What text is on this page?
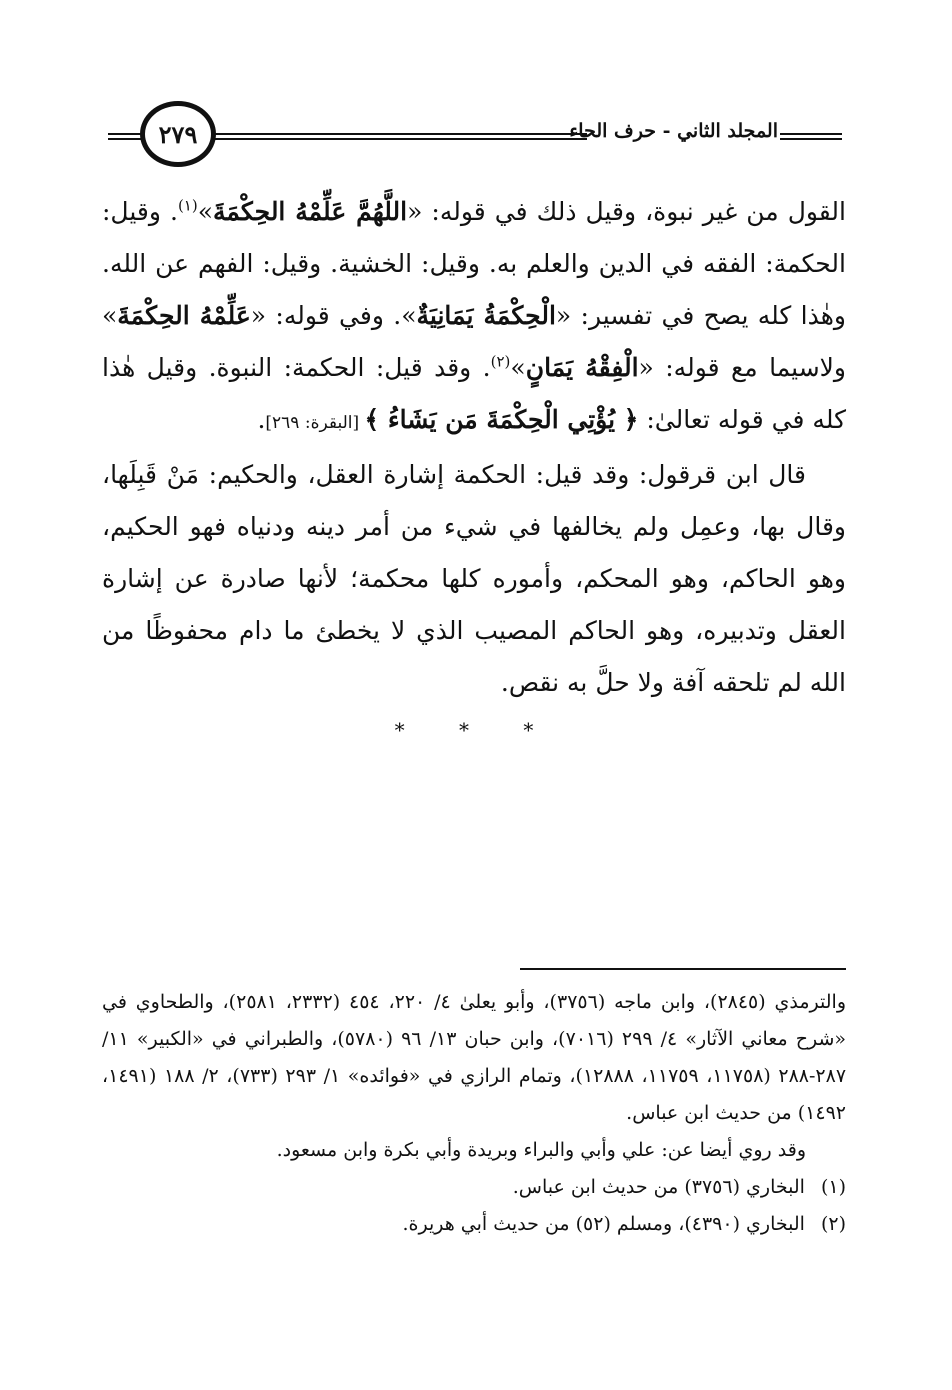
٢٧٩	المجلد الثاني - حرف الحاء

القول من غير نبوة، وقيل ذلك في قوله: «اللَّهُمَّ عَلِّمْهُ الحِكْمَةَ»$^{(١)}$. وقيل: الحكمة: الفقه في الدين والعلم به. وقيل: الخشية. وقيل: الفهم عن الله. وهٰذا كله يصح في تفسير: «الْحِكْمَةُ يَمَانِيَةٌ». وفي قوله: «عَلِّمْهُ الحِكْمَةَ» ولاسيما مع قوله: «الْفِقْهُ يَمَانٍ»$^{(٢)}$. وقد قيل: الحكمة: النبوة. وقيل هٰذا كله في قوله تعالىٰ: ﴿ يُؤْتِي الْحِكْمَةَ مَن يَشَاءُ ﴾ [البقرة: ٢٦٩].

قال ابن قرقول: وقد قيل: الحكمة إشارة العقل، والحكيم: مَنْ قَبِلَها، وقال بها، وعمِل ولم يخالفها في شيء من أمر دينه ودنياه فهو الحكيم، وهو الحاكم، وهو المحكم، وأموره كلها محكمة؛ لأنها صادرة عن إشارة العقل وتدبيره، وهو الحاكم المصيب الذي لا يخطئ ما دام محفوظًا من الله لم تلحقه آفة ولا حلَّ به نقص.

* * *

والترمذي (٢٨٤٥)، وابن ماجه (٣٧٥٦)، وأبو يعلىٰ ٤/ ٢٢٠، ٤٥٤ (٢٣٣٢، ٢٥٨١)، والطحاوي في «شرح معاني الآثار» ٤/ ٢٩٩ (٧٠١٦)، وابن حبان ١٣/ ٩٦ (٥٧٨٠)، والطبراني في «الكبير» ١١/ ٢٨٧-٢٨٨ (١١٧٥٨، ١١٧٥٩، ١٢٨٨٨)، وتمام الرازي في «فوائده» ١/ ٢٩٣ (٧٣٣)، ٢/ ١٨٨ (١٤٩١، ١٤٩٢) من حديث ابن عباس.

وقد روي أيضا عن: علي وأبي والبراء وبريدة وأبي بكرة وابن مسعود.

(١)
البخاري (٣٧٥٦) من حديث ابن عباس.
(٢)
البخاري (٤٣٩٠)، ومسلم (٥٢) من حديث أبي هريرة.
